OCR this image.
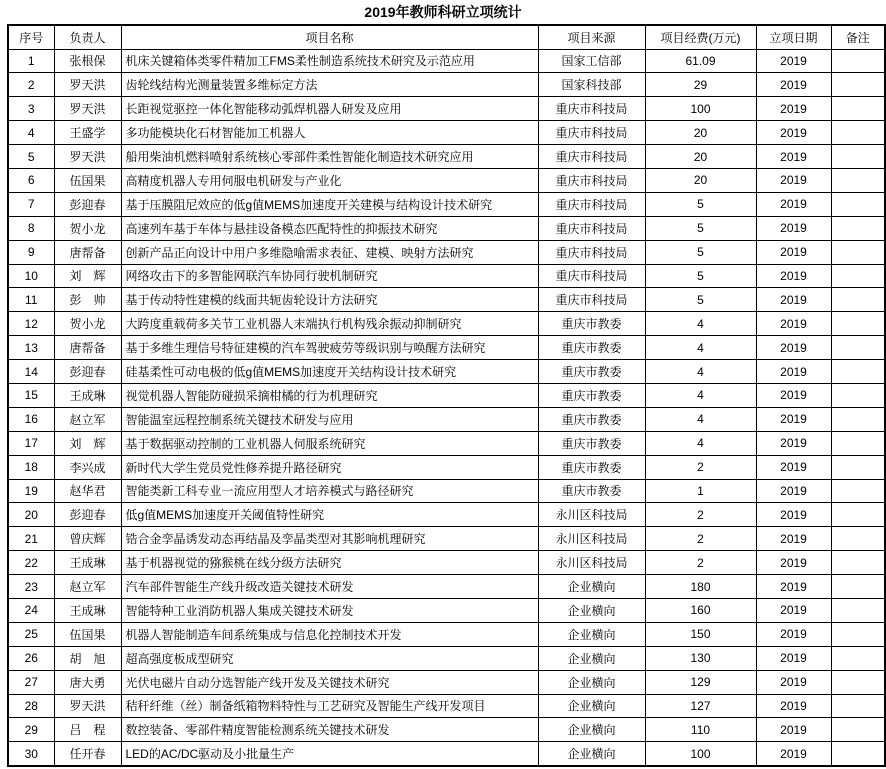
2019年教师科研立项统计
序号	负责人	项目名称	项目来源	项目经费(万元)	立项日期	备注
1	张根保	机床关键箱体类零件精加工FMS柔性制造系统技术研究及示范应用	国家工信部	61.09	2019	
2	罗天洪	齿轮线结构光测量装置多维标定方法	国家科技部	29	2019	
3	罗天洪	长距视觉驱控一体化智能移动弧焊机器人研发及应用	重庆市科技局	100	2019	
4	王盛学	多功能模块化石材智能加工机器人	重庆市科技局	20	2019	
5	罗天洪	船用柴油机燃料喷射系统核心零部件柔性智能化制造技术研究应用	重庆市科技局	20	2019	
6	伍国果	高精度机器人专用伺服电机研发与产业化	重庆市科技局	20	2019	
7	彭迎春	基于压膜阻尼效应的低g值MEMS加速度开关建模与结构设计技术研究	重庆市科技局	5	2019	
8	贺小龙	高速列车基于车体与悬挂设备模态匹配特性的抑振技术研究	重庆市科技局	5	2019	
9	唐帮备	创新产品正向设计中用户多维隐喻需求表征、建模、映射方法研究	重庆市科技局	5	2019	
10	刘　辉	网络攻击下的多智能网联汽车协同行驶机制研究	重庆市科技局	5	2019	
11	彭　帅	基于传动特性建模的线面共轭齿轮设计方法研究	重庆市科技局	5	2019	
12	贺小龙	大跨度重载荷多关节工业机器人末端执行机构残余振动抑制研究	重庆市教委	4	2019	
13	唐帮备	基于多维生理信号特征建模的汽车驾驶疲劳等级识别与唤醒方法研究	重庆市教委	4	2019	
14	彭迎春	硅基柔性可动电极的低g值MEMS加速度开关结构设计技术研究	重庆市教委	4	2019	
15	王成琳	视觉机器人智能防碰损采摘柑橘的行为机理研究	重庆市教委	4	2019	
16	赵立军	智能温室远程控制系统关键技术研发与应用	重庆市教委	4	2019	
17	刘　辉	基于数据驱动控制的工业机器人伺服系统研究	重庆市教委	4	2019	
18	李兴成	新时代大学生党员党性修养提升路径研究	重庆市教委	2	2019	
19	赵华君	智能类新工科专业一流应用型人才培养模式与路径研究	重庆市教委	1	2019	
20	彭迎春	低g值MEMS加速度开关阈值特性研究	永川区科技局	2	2019	
21	曾庆辉	锆合金孪晶诱发动态再结晶及孪晶类型对其影响机理研究	永川区科技局	2	2019	
22	王成琳	基于机器视觉的猕猴桃在线分级方法研究	永川区科技局	2	2019	
23	赵立军	汽车部件智能生产线升级改造关键技术研发	企业横向	180	2019	
24	王成琳	智能特种工业消防机器人集成关键技术研发	企业横向	160	2019	
25	伍国果	机器人智能制造车间系统集成与信息化控制技术开发	企业横向	150	2019	
26	胡　旭	超高强度板成型研究	企业横向	130	2019	
27	唐大勇	光伏电磁片自动分选智能产线开发及关键技术研究	企业横向	129	2019	
28	罗天洪	秸秆纤维（丝）制备纸箱物料特性与工艺研究及智能生产线开发项目	企业横向	127	2019	
29	吕　程	数控装备、零部件精度智能检测系统关键技术研发	企业横向	110	2019	
30	任开春	LED的AC/DC驱动及小批量生产	企业横向	100	2019	
